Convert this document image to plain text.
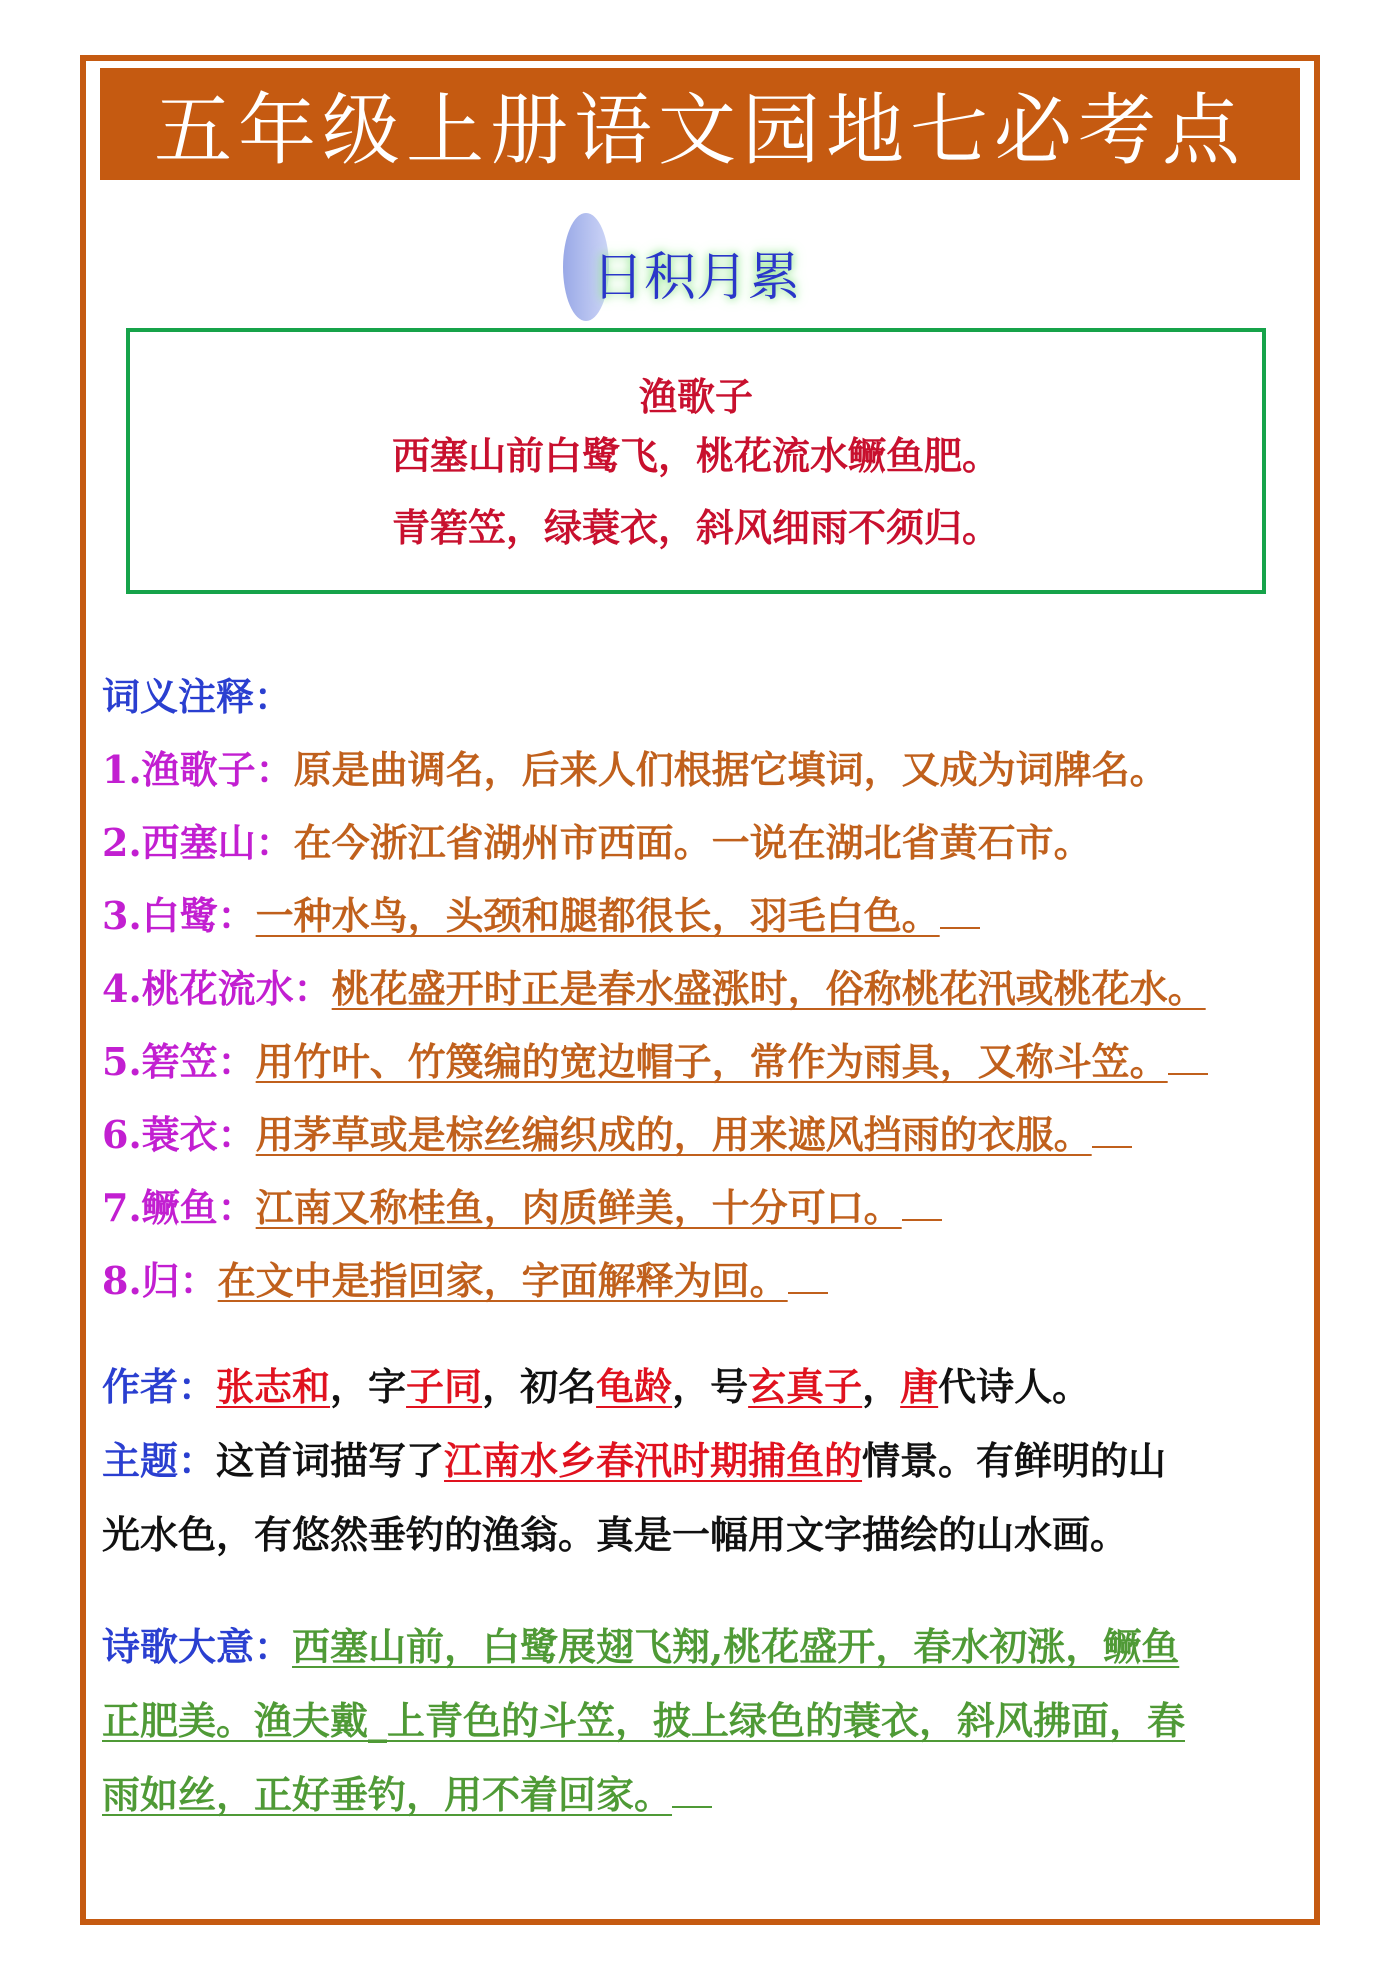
五年级上册语文园地七必考点
日积月累
渔歌子
西塞山前白鹭飞，桃花流水鳜鱼肥。
青箬笠，绿蓑衣，斜风细雨不须归。
词义注释：
1.渔歌子：原是曲调名，后来人们根据它填词，又成为词牌名。
2.西塞山：在今浙江省湖州市西面。一说在湖北省黄石市。
3.白鹭：一种水鸟，头颈和腿都很长，羽毛白色。
4.桃花流水：桃花盛开时正是春水盛涨时，俗称桃花汛或桃花水。
5.箬笠：用竹叶、竹篾编的宽边帽子，常作为雨具，又称斗笠。
6.蓑衣：用茅草或是棕丝编织成的，用来遮风挡雨的衣服。
7.鳜鱼：江南又称桂鱼，肉质鲜美，十分可口。
8.归：在文中是指回家，字面解释为回。
作者：张志和，字子同，初名龟龄，号玄真子，唐代诗人。
主题：这首词描写了江南水乡春汛时期捕鱼的情景。有鲜明的山
光水色，有悠然垂钓的渔翁。真是一幅用文字描绘的山水画。
诗歌大意：西塞山前，白鹭展翅飞翔,桃花盛开，春水初涨，鳜鱼
正肥美。渔夫戴_上青色的斗笠，披上绿色的蓑衣，斜风拂面，春
雨如丝，正好垂钓，用不着回家。
